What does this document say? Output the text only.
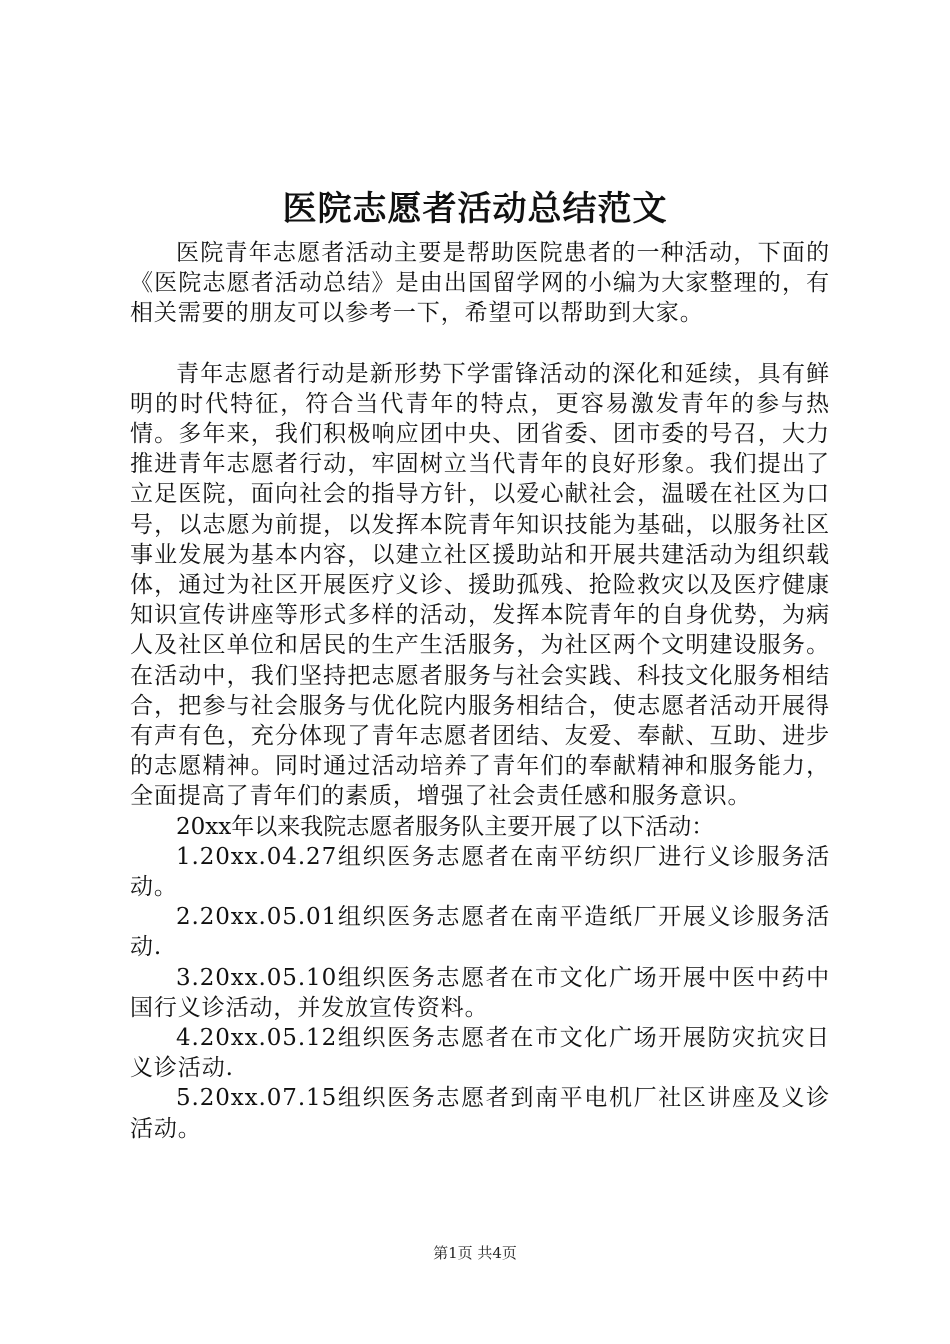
医院志愿者活动总结范文

医院青年志愿者活动主要是帮助医院患者的一种活动，下面的《医院志愿者活动总结》是由出国留学网的小编为大家整理的，有相关需要的朋友可以参考一下，希望可以帮助到大家。

青年志愿者行动是新形势下学雷锋活动的深化和延续，具有鲜明的时代特征，符合当代青年的特点，更容易激发青年的参与热情。多年来，我们积极响应团中央、团省委、团市委的号召，大力推进青年志愿者行动，牢固树立当代青年的良好形象。我们提出了立足医院，面向社会的指导方针，以爱心献社会，温暖在社区为口号，以志愿为前提，以发挥本院青年知识技能为基础，以服务社区事业发展为基本内容，以建立社区援助站和开展共建活动为组织载体，通过为社区开展医疗义诊、援助孤残、抢险救灾以及医疗健康知识宣传讲座等形式多样的活动，发挥本院青年的自身优势，为病人及社区单位和居民的生产生活服务，为社区两个文明建设服务。在活动中，我们坚持把志愿者服务与社会实践、科技文化服务相结合，把参与社会服务与优化院内服务相结合，使志愿者活动开展得有声有色，充分体现了青年志愿者团结、友爱、奉献、互助、进步的志愿精神。同时通过活动培养了青年们的奉献精神和服务能力，全面提高了青年们的素质，增强了社会责任感和服务意识。

20xx年以来我院志愿者服务队主要开展了以下活动：

1.20xx.04.27组织医务志愿者在南平纺织厂进行义诊服务活动。

2.20xx.05.01组织医务志愿者在南平造纸厂开展义诊服务活动.

3.20xx.05.10组织医务志愿者在市文化广场开展中医中药中国行义诊活动，并发放宣传资料。

4.20xx.05.12组织医务志愿者在市文化广场开展防灾抗灾日义诊活动.

5.20xx.07.15组织医务志愿者到南平电机厂社区讲座及义诊活动。

第1页 共4页
